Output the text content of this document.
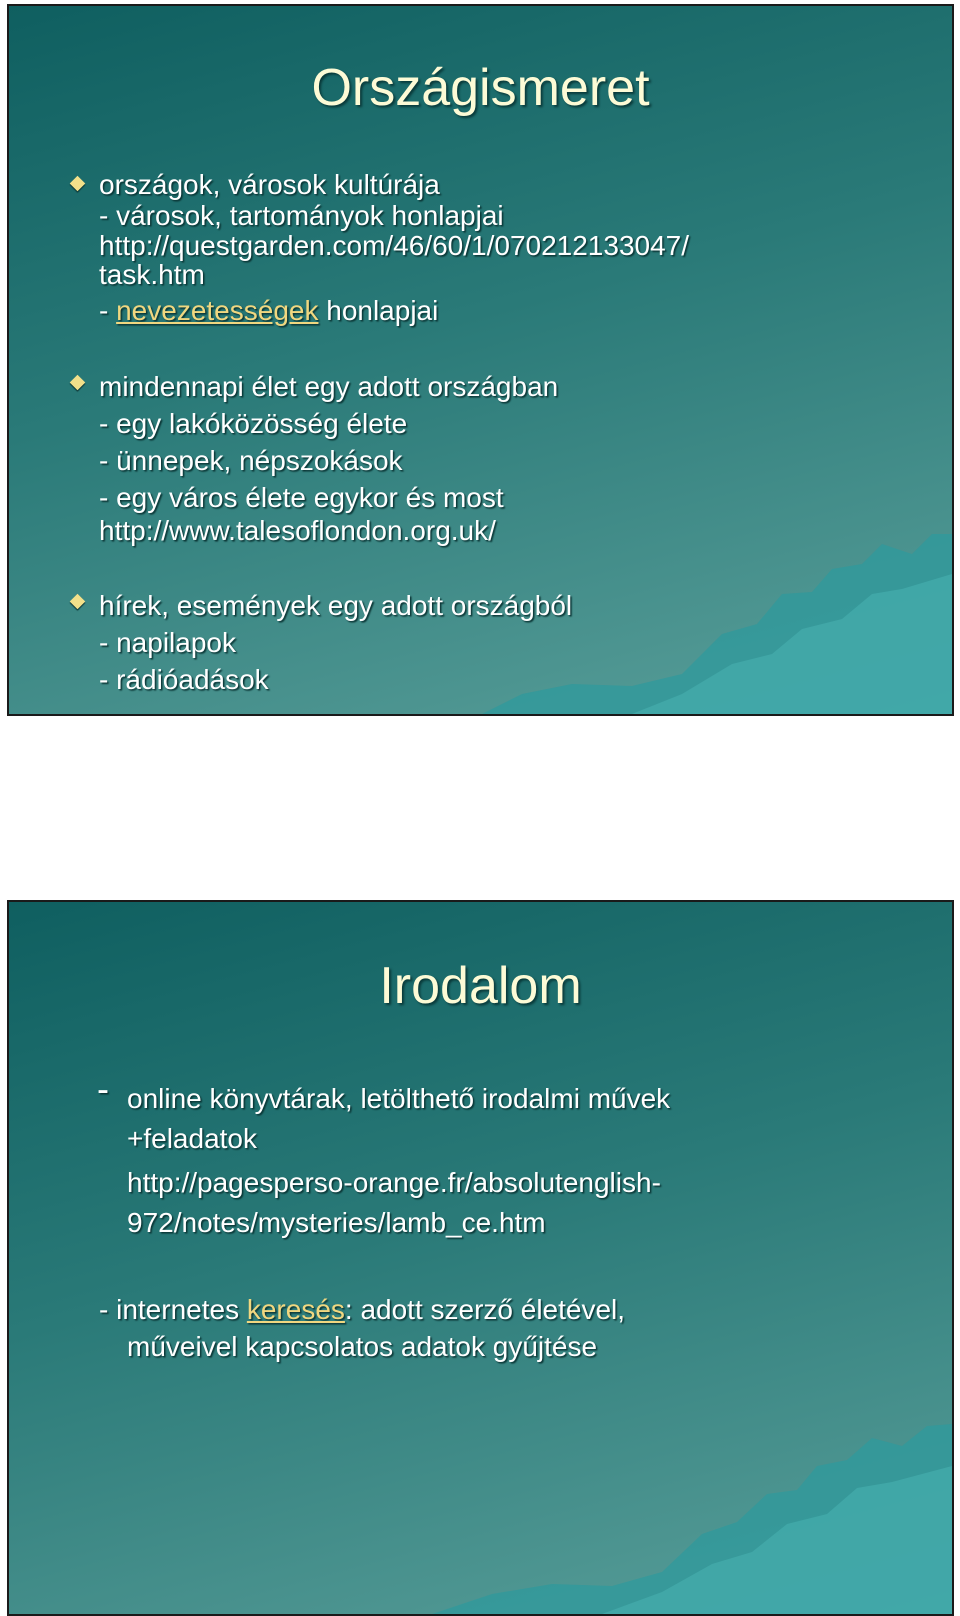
Országismeret
országok, városok kultúrája
- városok, tartományok honlapjai
http://questgarden.com/46/60/1/070212133047/
task.htm
- nevezetességek honlapjai
mindennapi élet egy adott országban
- egy lakóközösség élete
- ünnepek, népszokások
- egy város élete egykor és most
http://www.talesoflondon.org.uk/
hírek, események egy adott országból
- napilapok
- rádióadások
Irodalom
- online könyvtárak, letölthető irodalmi művek
+feladatok
http://pagesperso-orange.fr/absolutenglish-
972/notes/mysteries/lamb_ce.htm
- internetes keresés: adott szerző életével,
műveivel kapcsolatos adatok gyűjtése
